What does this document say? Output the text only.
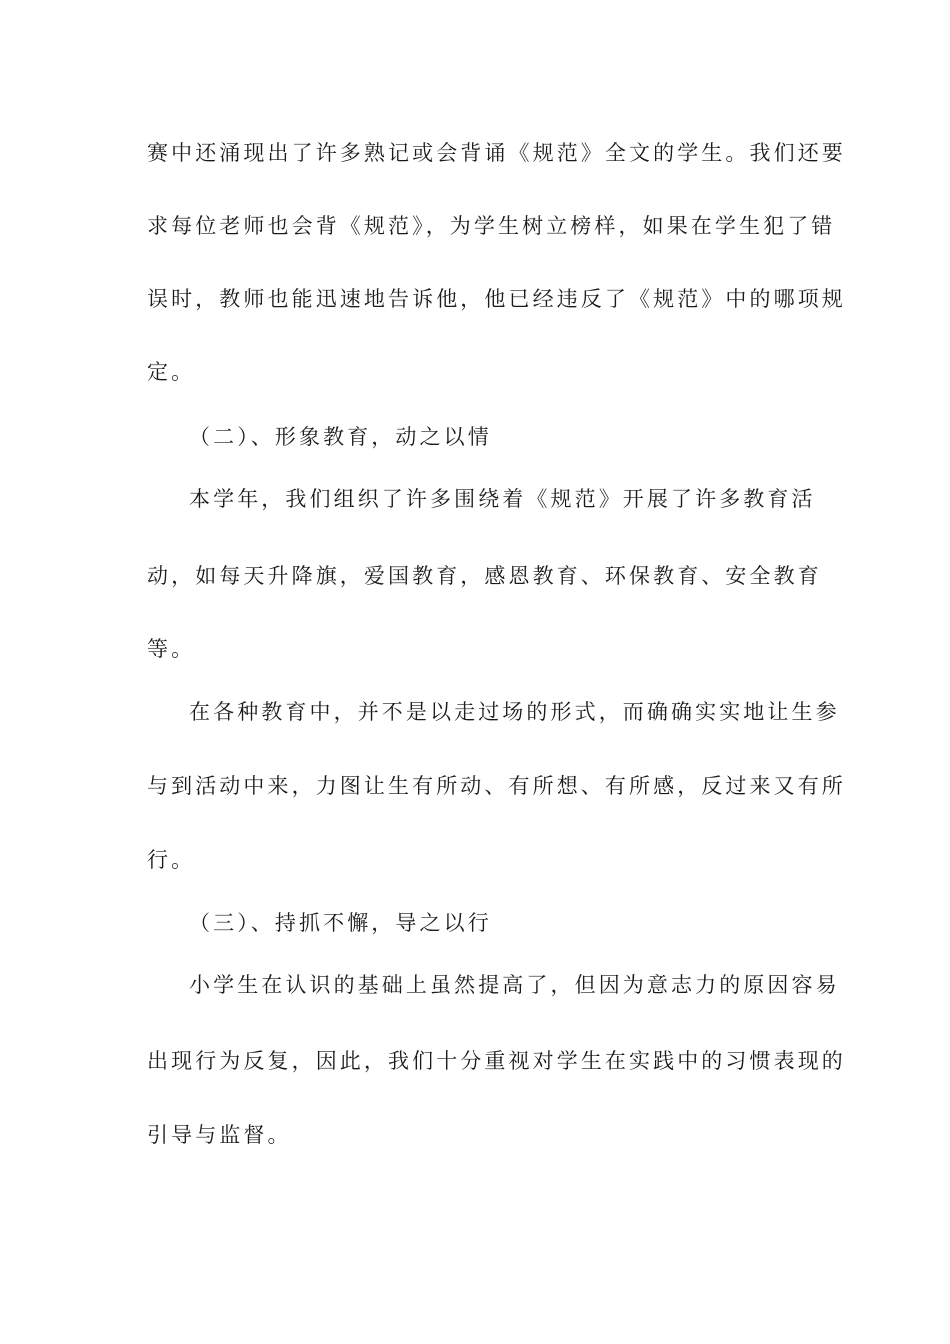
赛中还涌现出了许多熟记或会背诵《规范》全文的学生。我们还要
求每位老师也会背《规范》，为学生树立榜样，如果在学生犯了错
误时，教师也能迅速地告诉他，他已经违反了《规范》中的哪项规
定。
（二）、形象教育，动之以情
本学年，我们组织了许多围绕着《规范》开展了许多教育活
动，如每天升降旗，爱国教育，感恩教育、环保教育、安全教育
等。
在各种教育中，并不是以走过场的形式，而确确实实地让生参
与到活动中来，力图让生有所动、有所想、有所感，反过来又有所
行。
（三）、持抓不懈，导之以行
小学生在认识的基础上虽然提高了，但因为意志力的原因容易
出现行为反复，因此，我们十分重视对学生在实践中的习惯表现的
引导与监督。
